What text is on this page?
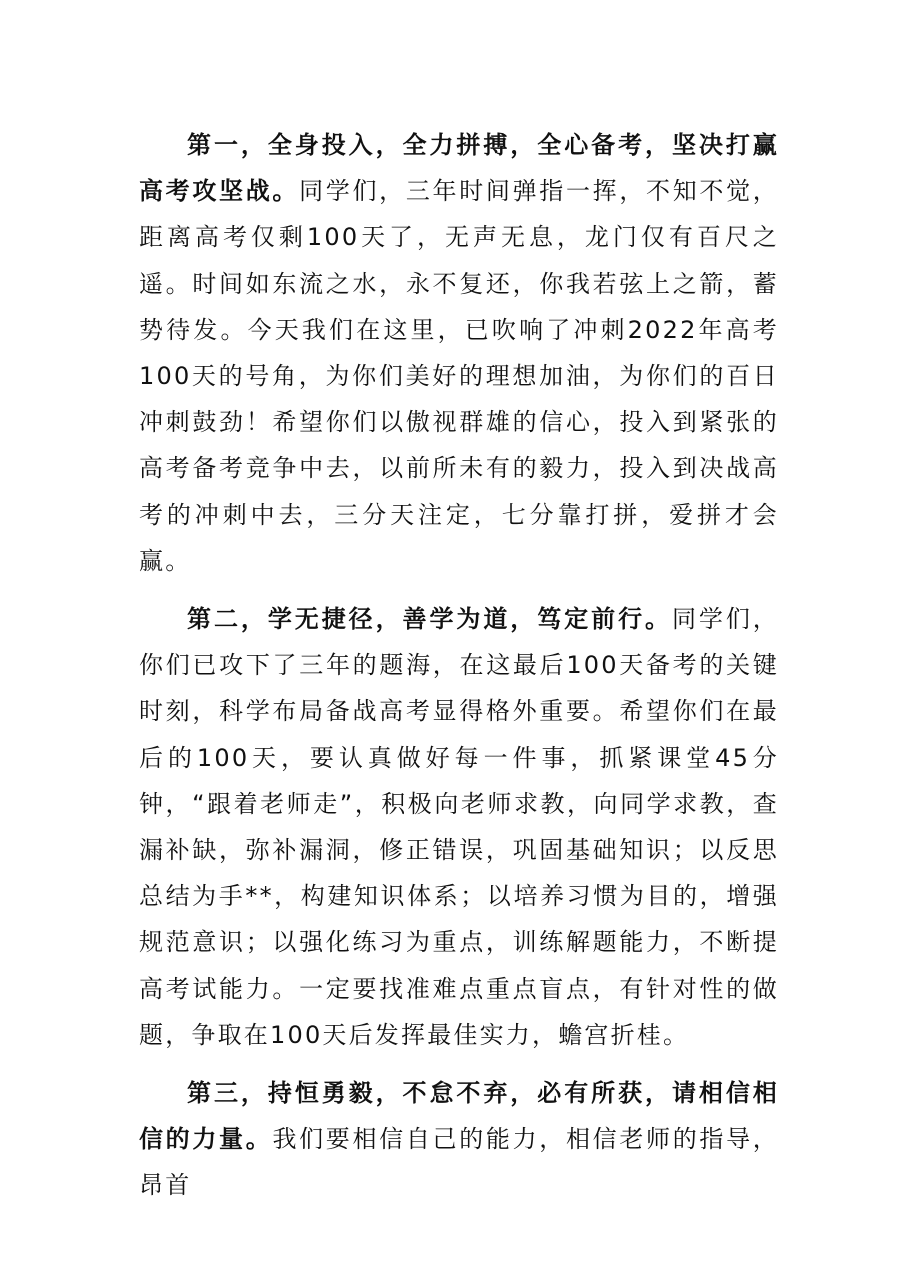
第一，全身投入，全力拼搏，全心备考，坚决打赢高考攻坚战。同学们，三年时间弹指一挥，不知不觉，距离高考仅剩100天了，无声无息，龙门仅有百尺之遥。时间如东流之水，永不复还，你我若弦上之箭，蓄势待发。今天我们在这里，已吹响了冲刺2022年高考100天的号角，为你们美好的理想加油，为你们的百日冲刺鼓劲！希望你们以傲视群雄的信心，投入到紧张的高考备考竞争中去，以前所未有的毅力，投入到决战高考的冲刺中去，三分天注定，七分靠打拼，爱拼才会赢。

第二，学无捷径，善学为道，笃定前行。同学们，你们已攻下了三年的题海，在这最后100天备考的关键时刻，科学布局备战高考显得格外重要。希望你们在最后的100天，要认真做好每一件事，抓紧课堂45分钟，“跟着老师走”，积极向老师求教，向同学求教，查漏补缺，弥补漏洞，修正错误，巩固基础知识；以反思总结为手**，构建知识体系；以培养习惯为目的，增强规范意识；以强化练习为重点，训练解题能力，不断提高考试能力。一定要找准难点重点盲点，有针对性的做题，争取在100天后发挥最佳实力，蟾宫折桂。

第三，持恒勇毅，不怠不弃，必有所获，请相信相信的力量。我们要相信自己的能力，相信老师的指导，昂首
